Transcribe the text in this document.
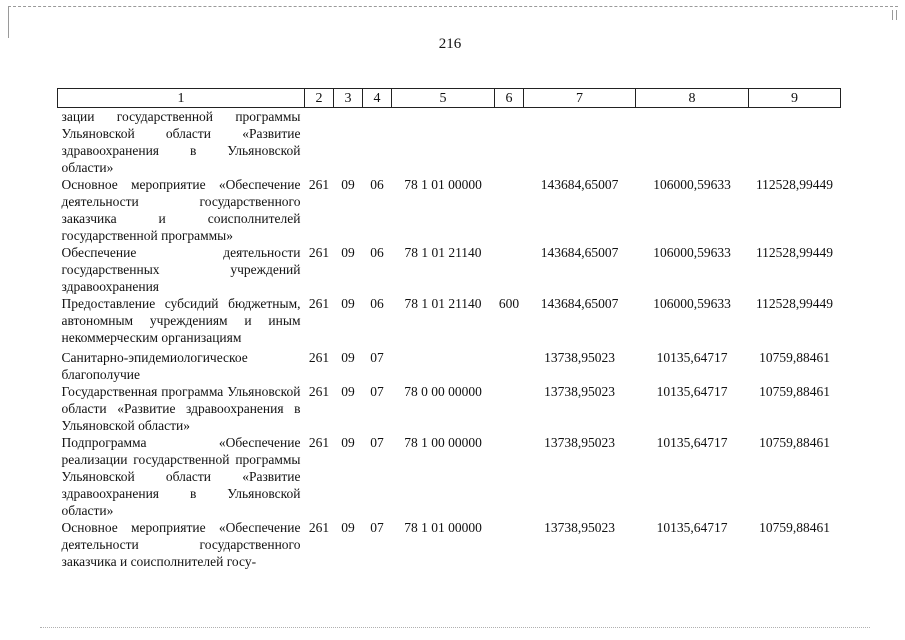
216
1	2	3	4	5	6	7	8	9
зации государственной программы Ульяновской области «Развитие здравоохранения в Ульяновской области»								
Основное мероприятие «Обеспечение деятельности государственного заказчика и соисполнителей государственной программы»	261	09	06	78 1 01 00000		143684,65007	106000,59633	112528,99449
Обеспечение деятельности государственных учреждений здравоохранения	261	09	06	78 1 01 21140		143684,65007	106000,59633	112528,99449
Предоставление субсидий бюджетным, автономным учреждениям и иным некоммерческим организациям	261	09	06	78 1 01 21140	600	143684,65007	106000,59633	112528,99449
Санитарно-эпидемиологическое благополучие	261	09	07			13738,95023	10135,64717	10759,88461
Государственная программа Ульяновской области «Развитие здравоохранения в Ульяновской области»	261	09	07	78 0 00 00000		13738,95023	10135,64717	10759,88461
Подпрограмма «Обеспечение реализации государственной программы Ульяновской области «Развитие здравоохранения в Ульяновской области»	261	09	07	78 1 00 00000		13738,95023	10135,64717	10759,88461
Основное мероприятие «Обеспечение деятельности государственного заказчика и соисполнителей госу-	261	09	07	78 1 01 00000		13738,95023	10135,64717	10759,88461
